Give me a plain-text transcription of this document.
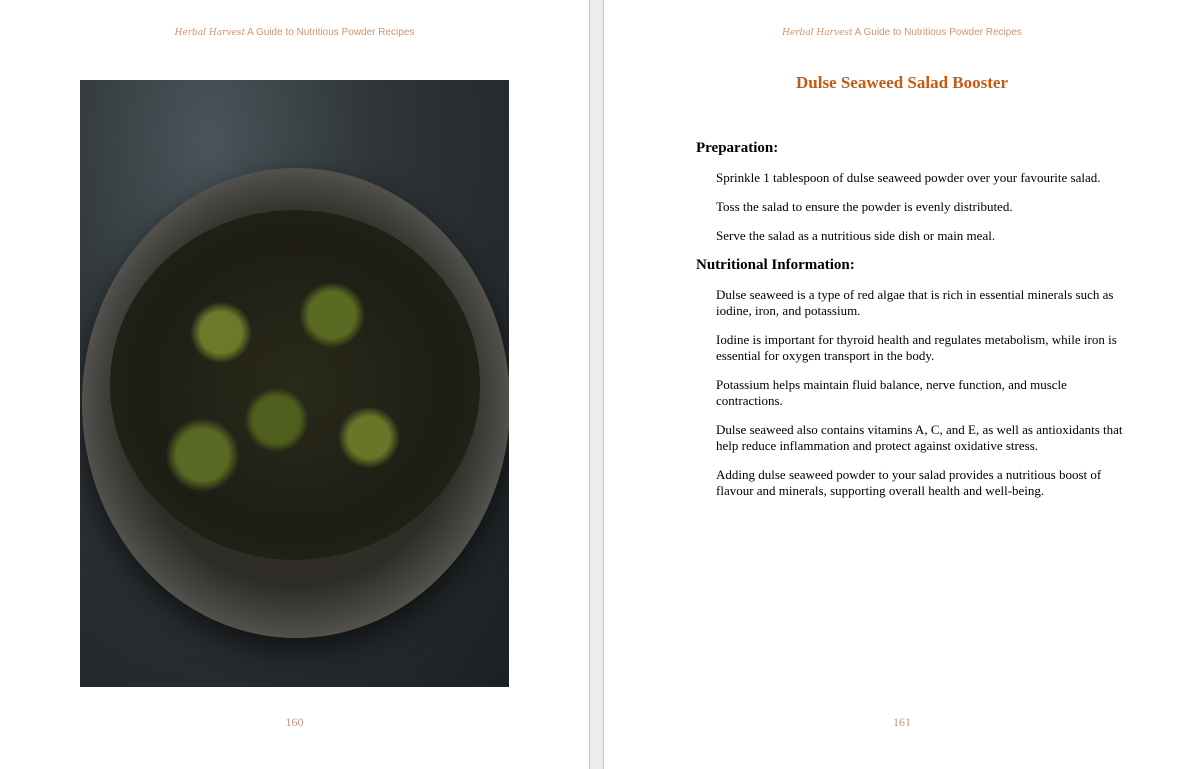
Herbal Harvest A Guide to Nutritious Powder Recipes
160
Herbal Harvest A Guide to Nutritious Powder Recipes
Dulse Seaweed Salad Booster
Preparation:

Sprinkle 1 tablespoon of dulse seaweed powder over your favourite salad.

Toss the salad to ensure the powder is evenly distributed.

Serve the salad as a nutritious side dish or main meal.

Nutritional Information:

Dulse seaweed is a type of red algae that is rich in essential minerals such as iodine, iron, and potassium.

Iodine is important for thyroid health and regulates metabolism, while iron is essential for oxygen transport in the body.

Potassium helps maintain fluid balance, nerve function, and muscle contractions.

Dulse seaweed also contains vitamins A, C, and E, as well as antioxidants that help reduce inflammation and protect against oxidative stress.

Adding dulse seaweed powder to your salad provides a nutritious boost of flavour and minerals, supporting overall health and well-being.

161
